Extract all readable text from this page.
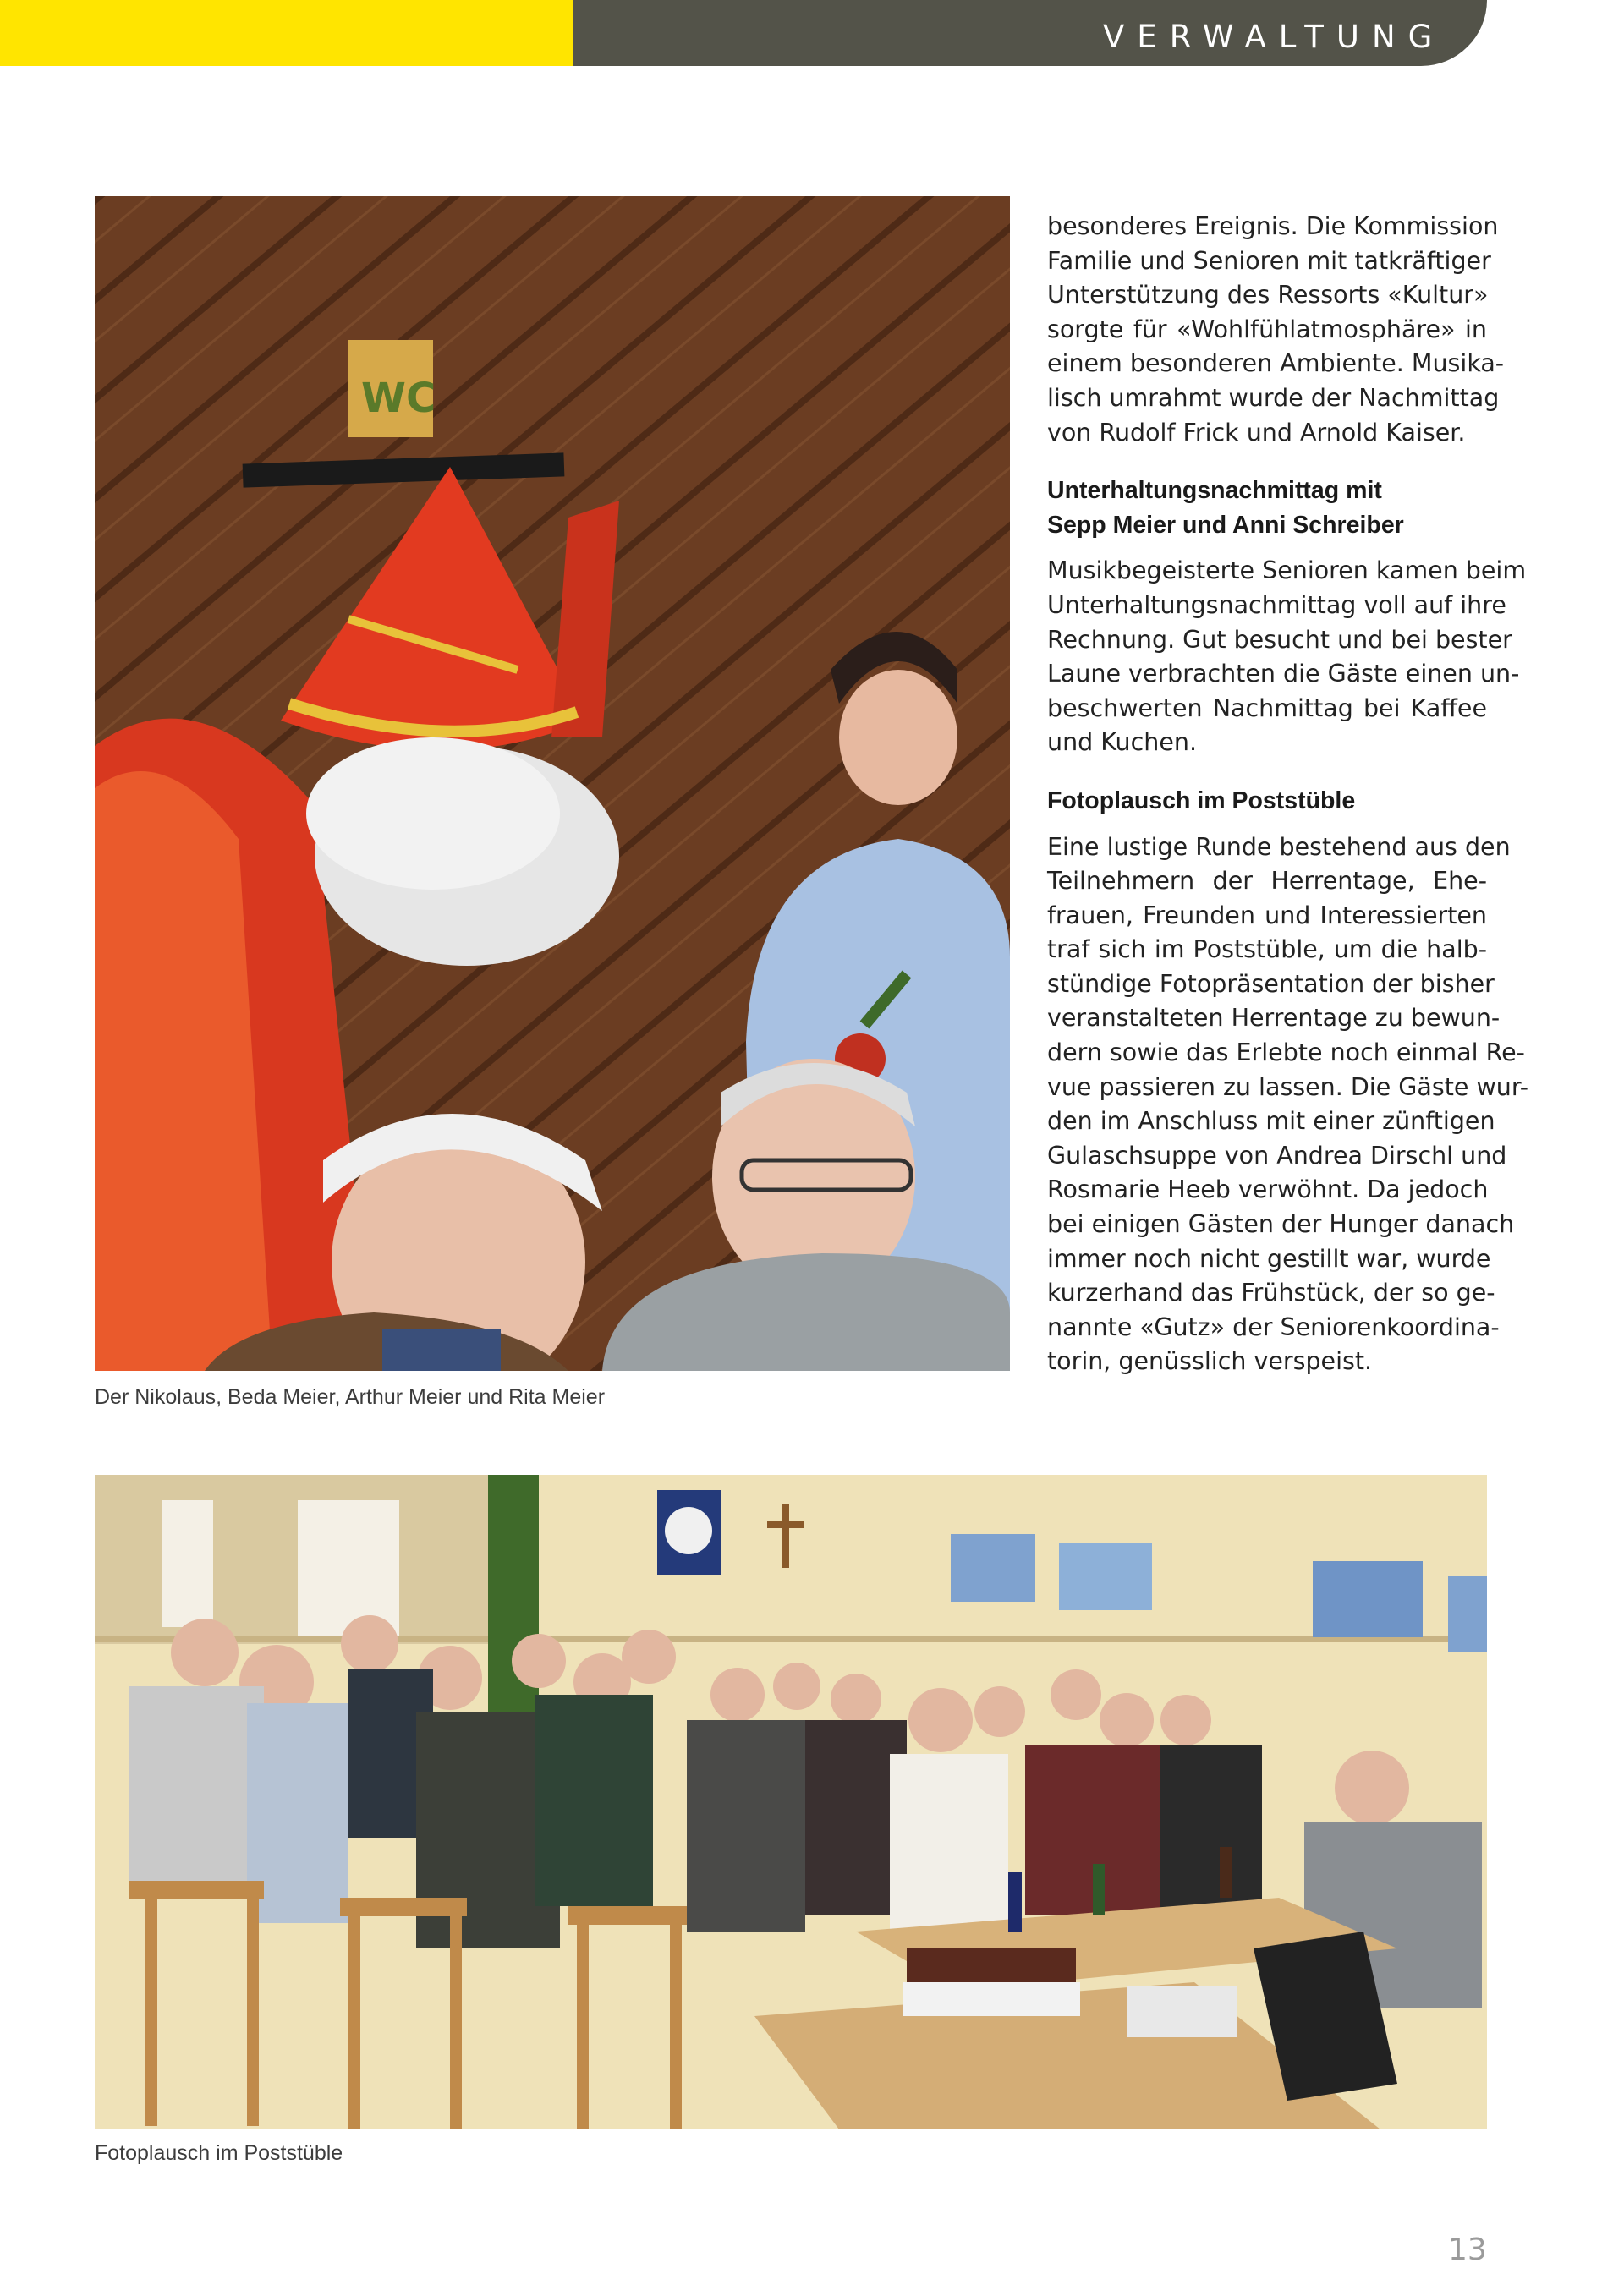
VERWALTUNG
WC
Der Nikolaus, Beda Meier, Arthur Meier und Rita Meier

besonderes Ereignis. Die Kommission
Familie und Senioren mit tatkräftiger
Unterstützung des Ressorts «Kultur»
sorgte für «Wohlfühlatmosphäre» in
einem besonderen Ambiente. Musika-
lisch umrahmt wurde der Nachmittag
von Rudolf Frick und Arnold Kaiser.

Unterhaltungsnachmittag mit
Sepp Meier und Anni Schreiber

Musikbegeisterte Senioren kamen beim
Unterhaltungsnachmittag voll auf ihre
Rechnung. Gut besucht und bei bester
Laune verbrachten die Gäste einen un-
beschwerten Nachmittag bei Kaffee
und Kuchen.

Fotoplausch im Poststüble

Eine lustige Runde bestehend aus den
Teilnehmern der Herrentage, Ehe-
frauen, Freunden und Interessierten
traf sich im Poststüble, um die halb-
stündige Fotopräsentation der bisher
veranstalteten Herrentage zu bewun-
dern sowie das Erlebte noch einmal Re-
vue passieren zu lassen. Die Gäste wur-
den im Anschluss mit einer zünftigen
Gulaschsuppe von Andrea Dirschl und
Rosmarie Heeb verwöhnt. Da jedoch
bei einigen Gästen der Hunger danach
immer noch nicht gestillt war, wurde
kurzerhand das Frühstück, der so ge-
nannte «Gutz» der Seniorenkoordina-
torin, genüsslich verspeist.

Fotoplausch im Poststüble
13
